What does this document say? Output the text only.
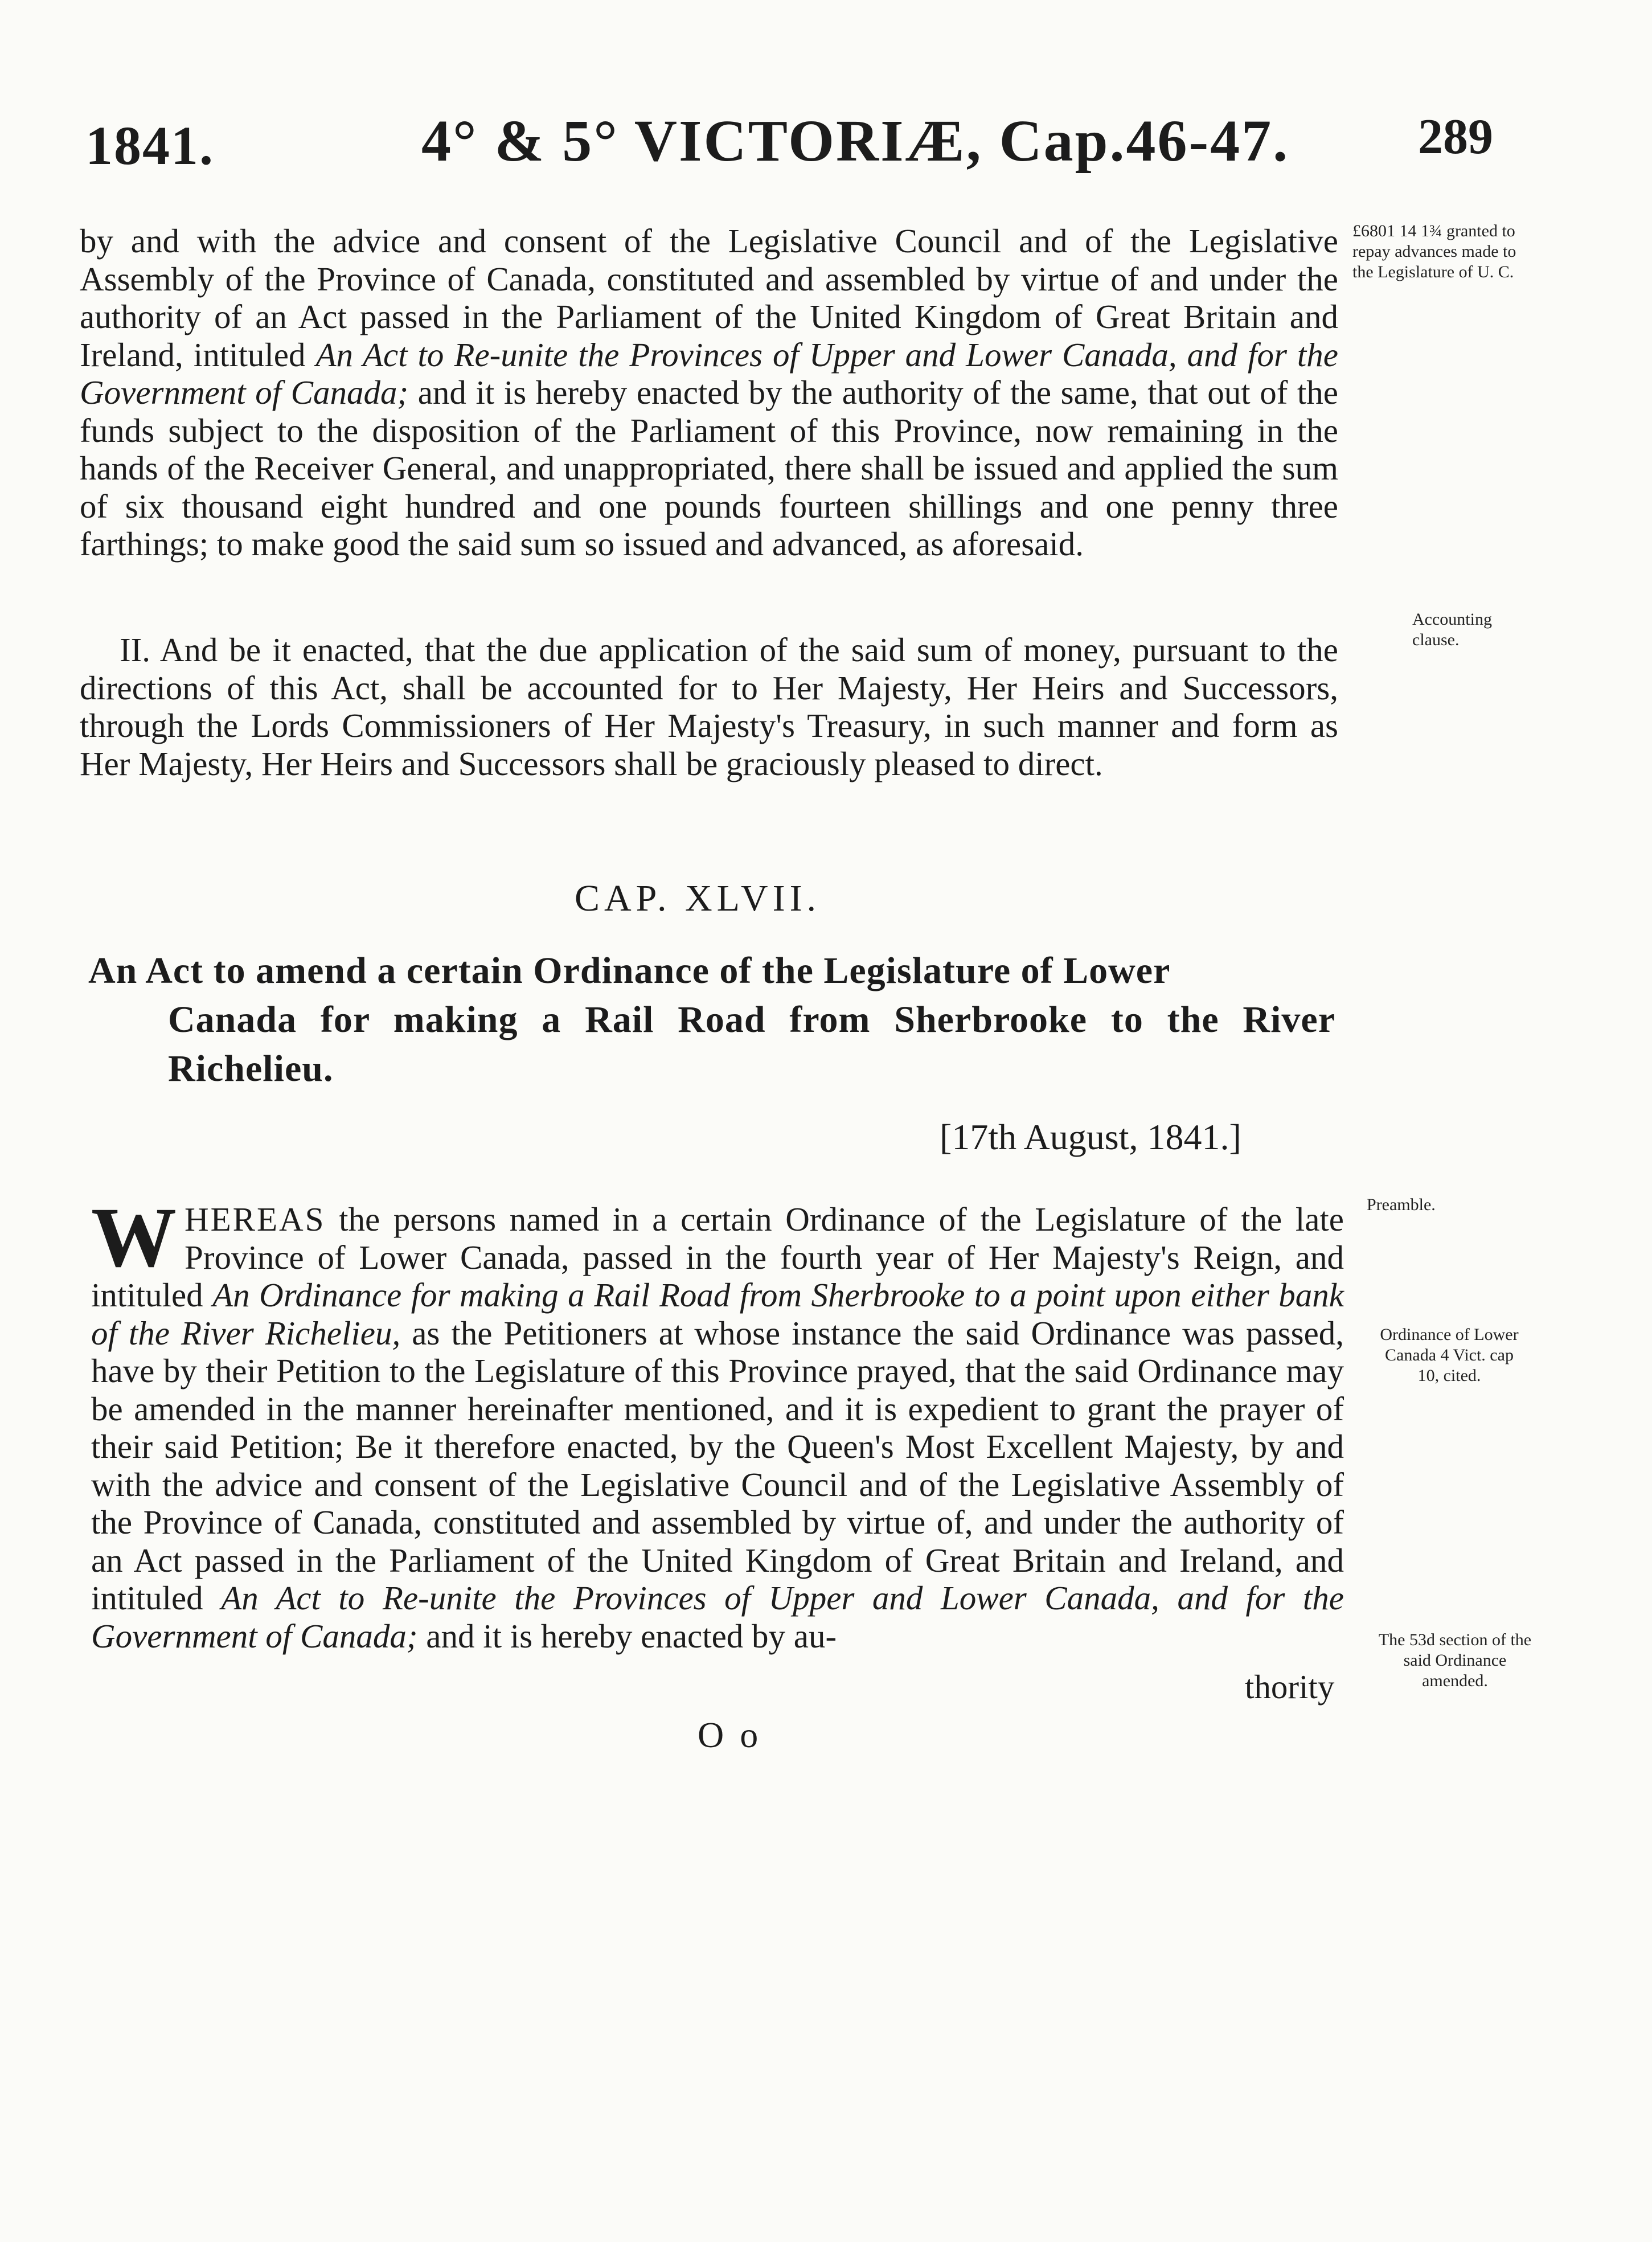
1841.	4° & 5° VICTORIÆ, Cap.46-47.	289

by and with the advice and consent of the Legislative Council and of the Legislative Assembly of the Province of Canada, constituted and assembled by virtue of and under the authority of an Act passed in the Parliament of the United Kingdom of Great Britain and Ireland, intituled An Act to Re-unite the Provinces of Upper and Lower Canada, and for the Government of Canada; and it is hereby enacted by the authority of the same, that out of the funds subject to the disposition of the Parliament of this Province, now remaining in the hands of the Receiver General, and unappropriated, there shall be issued and applied the sum of six thousand eight hundred and one pounds fourteen shillings and one penny three farthings; to make good the said sum so issued and advanced, as aforesaid.

II. And be it enacted, that the due application of the said sum of money, pursuant to the directions of this Act, shall be accounted for to Her Majesty, Her Heirs and Successors, through the Lords Commissioners of Her Majesty's Treasury, in such manner and form as Her Majesty, Her Heirs and Successors shall be graciously pleased to direct.

CAP. XLVII.

An Act to amend a certain Ordinance of the Legislature of Lower
Canada for making a Rail Road from Sherbrooke to the River Richelieu.

[17th August, 1841.]

WHEREAS the persons named in a certain Ordinance of the Legislature of the late Province of Lower Canada, passed in the fourth year of Her Majesty's Reign, and intituled An Ordinance for making a Rail Road from Sherbrooke to a point upon either bank of the River Richelieu, as the Petitioners at whose instance the said Ordinance was passed, have by their Petition to the Legislature of this Province prayed, that the said Ordinance may be amended in the manner hereinafter mentioned, and it is expedient to grant the prayer of their said Petition; Be it therefore enacted, by the Queen's Most Excellent Majesty, by and with the advice and consent of the Legislative Council and of the Legislative Assembly of the Province of Canada, constituted and assembled by virtue of, and under the authority of an Act passed in the Parliament of the United Kingdom of Great Britain and Ireland, and intituled An Act to Re-unite the Provinces of Upper and Lower Canada, and for the Government of Canada; and it is hereby enacted by au-

thority
O o

£6801 14 1¾ granted to repay advances made to the Legislature of U. C.

Accounting clause.

Preamble.

Ordinance of Lower Canada 4 Vict. cap 10, cited.

The 53d section of the said Ordinance amended.
